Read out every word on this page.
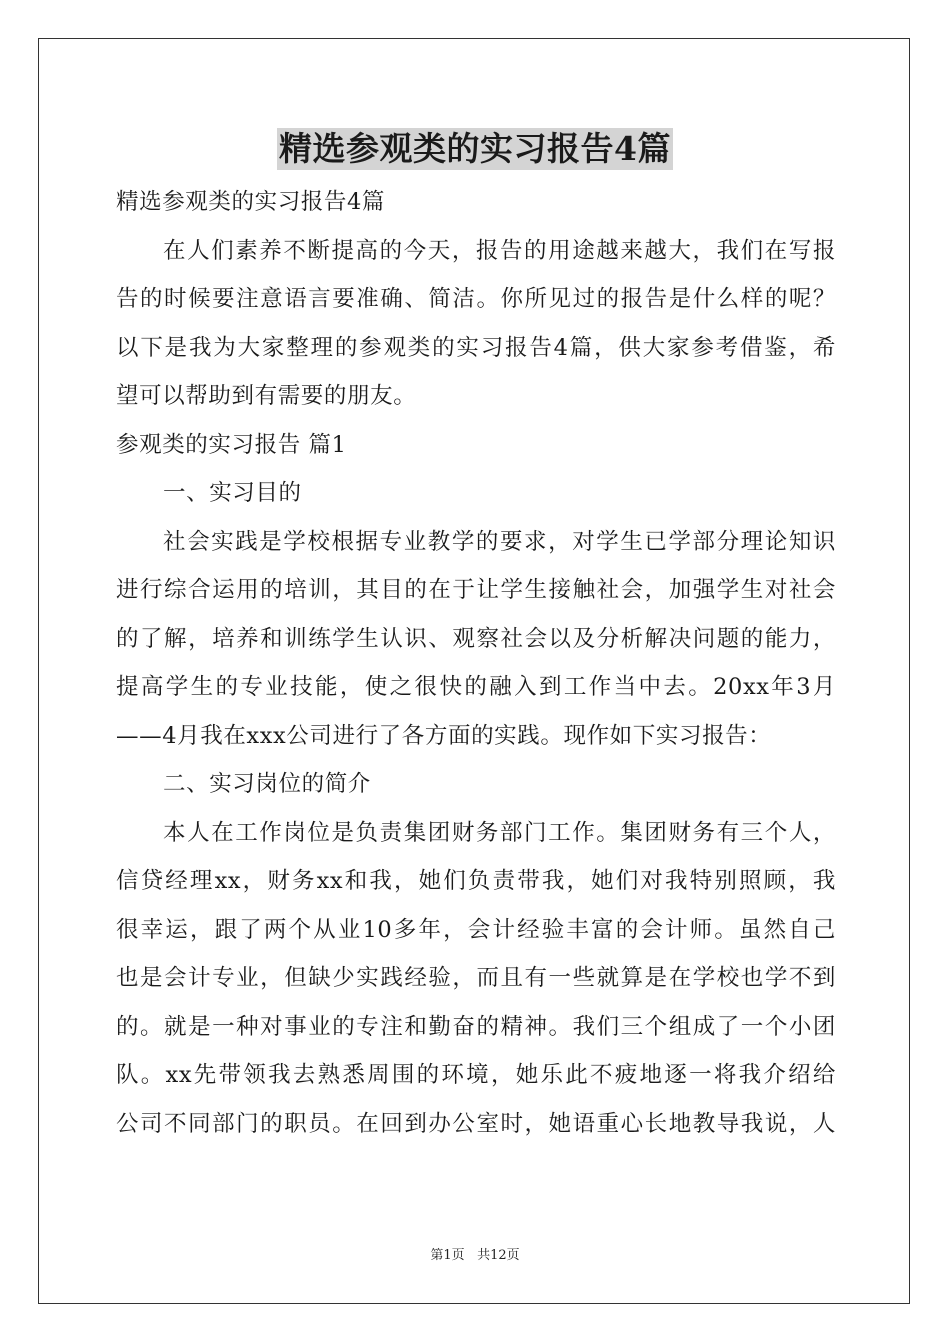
精选参观类的实习报告4篇
精选参观类的实习报告4篇
在人们素养不断提高的今天，报告的用途越来越大，我们在写报
告的时候要注意语言要准确、简洁。你所见过的报告是什么样的呢？
以下是我为大家整理的参观类的实习报告4篇，供大家参考借鉴，希
望可以帮助到有需要的朋友。
参观类的实习报告 篇1
一、实习目的
社会实践是学校根据专业教学的要求，对学生已学部分理论知识
进行综合运用的培训，其目的在于让学生接触社会，加强学生对社会
的了解，培养和训练学生认识、观察社会以及分析解决问题的能力，
提高学生的专业技能，使之很快的融入到工作当中去。20xx年3月
——4月我在xxx公司进行了各方面的实践。现作如下实习报告：
二、实习岗位的简介
本人在工作岗位是负责集团财务部门工作。集团财务有三个人，
信贷经理xx，财务xx和我，她们负责带我，她们对我特别照顾，我
很幸运，跟了两个从业10多年，会计经验丰富的会计师。虽然自己
也是会计专业，但缺少实践经验，而且有一些就算是在学校也学不到
的。就是一种对事业的专注和勤奋的精神。我们三个组成了一个小团
队。xx先带领我去熟悉周围的环境，她乐此不疲地逐一将我介绍给
公司不同部门的职员。在回到办公室时，她语重心长地教导我说，人
第1页 共12页
